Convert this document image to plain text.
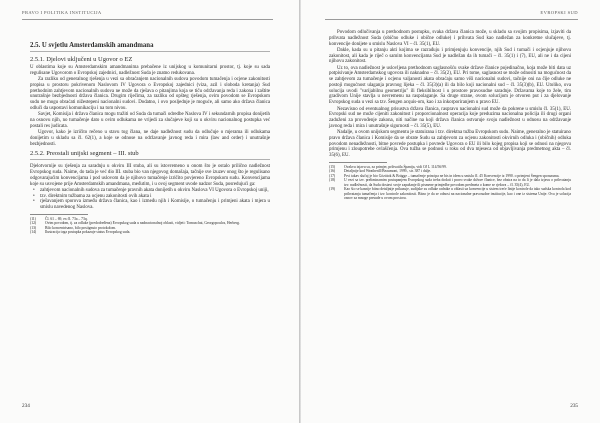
PRAVO I POLITIKA INSTITUCIJA
2.5. U svjetlu Amsterdamskih amandmana
2.5.1. Djelovi uključeni u Ugovor o EZ

U oblastima koje su Amsterdamskim amandmanima prebačene iz unijskog u komunitarni prostor, tj. koje su sada regulisane Ugovorom o Evropskoj zajednici, nadležnost Suda je znatno redukovana.

Za razliku od generalnog rješenja u vezi sa obraćanjem nacionalnih sudova povodom tumačenja i ocjene zakonitosti propisa u prostoru pokrivenom Naslovom IV Ugovora o Evropskoj zajednici (viza, azil i sloboda kretanja) Sud prethodnim zahtjevom nacionalnih sudova ne može da rješava o pitanjima koja se tiču održavanja reda i zakona i zaštite unutrašnje bezbjednosti država članica. Drugim riječima, za razliku od opšteg rješenja, ovim povodom se Evropskom sudu ne mogu obraćati nižestepeni nacionalni sudovi. Dodatno, i ovo posljednje je moguće, ali samo ako država članica odluči da uspostavi komunikaciju i na tom nivou.

Savjet, Komisija i država članica mogu tražiti od Suda da tumači odredbe Naslova IV i sekundarnih propisa donijetih na osnovu njih, no tumačenje dato u ovim odlukama ne vrijedi za slučajeve koji su u okviru nacionalnog postupka već postali res judicata.

Ugovor, kako je izričito rečeno u stavu tog člana, ne daje nadležnost sudu da odlučuje o mjerama ili odlukama donijetim u skladu sa čl. 62(1), a koje se odnose na održavanje javnog reda i mira (law and order) i unutrašnje bezbjednosti.

2.5.2. Preostali unijski segment – III. stub

Djelotvornije su rješenja za saradnju u okviru III stuba, ali su istovremeno u onom što je ostalo prilično nadležnost Evropskog suda. Naime, do tada je već dio III. stuba bio van njegovog domašaja, tačnije sve izuzev onog što je regulisano odgovarajućim konvencijama i pod uslovom da je njihovo tumačenje izričito povjereno Evropskom sudu. Konvencijama koje su usvojene prije Amsterdamskih amandmana, međutim, i u ovoj segment uvode nadzor Suda, posredujući ga:

• zahtjevom nacionalnih sudova za tumačenje pravnih akata donijetih u okviru Naslova VI Ugovora o Evropskoj uniji,
• tzv. direktnim tužbama za ocjenu zakonitosti ovih akata i
• rješavanjem sporova između država članica, kao i između njih i Komisije, o tumačenju i primjeni akata i mjera u smislu navedenog Naslova.
(11)	Čl. 61 – 69, ex čl. 73a – 73q.
(12)	Ovim povodom, tj. za odluke (predodređena) Evropskog suda u nadnacionalnoj oblasti, vidjeti: Tomuschat, Georgopoulos, Herberg.
(13)	Bilo koncentrisano, bilo postignuto protokolom.
(14)	Ilustracija toga postupka pokazuje status Evropskog suda.
234
EVROPSKI SUD

Povodom odlučivanja u prethodnom postupku, svaka država članica može, u skladu sa svojim propisima, izjaviti da prihvata nadležnost Suda (obično odluke i obične odluke) i prihvata Sud kao nadležan za konkretne slučajeve, tj. konvencije donijete u smislu Naslova VI – čl. 35(1), EU.

Dakle, kada su u pitanju akti kojima se razrađuju i primjenjuju konvencije, njih Sud i tumači i ocjenjuje njihovu zakonitost, ali kada je riječ o samim konvencijama Sud je nadležan da ih tumači – čl. 35(1) i (7), EU, ali ne i da cijeni njihovu zakonitost.

Uz to, ova nadležnost je uslovljena prethodnom saglasnošću svake države članice pojedinačno, koja može biti data uz potpisivanje Amsterdamskog ugovora ili naknadno – čl. 35(2), EU. Pri tome, saglasnost se može odnositi na mogućnost da se zahtjevom za tumačenje i ocjenu valjanosti akata obraćaju samo viši nacionalni sudovi, tačnije oni na čije odluke ne postoji mogućnost ulaganja pravnog lijeka – čl. 35(3)(a) ili da bilo koji nacionalni sud – čl. 35(3)(b), EU. Utoliko, ova solucija uvodi "varijabilnu geometriju" ili fleksibilnost i u prostore pravosudne saradnje. Državama koje to žele, tim gradivom Unije stavlja u nevremenu na raspolaganje. Sa druge strane, ovom solucijom je otvoren put i za djelovanje Evropskog suda u vezi sa tzv. Šengen acquis-om, kao i za inkorporiranjem u pravo EU.

Nezavisno od eventualnog prisustva država članica, raspravu nacionalni sud može da pokrene u smislu čl. 35(1), EU. Evropski sud ne može cijeniti zakonitost i proporcionalnost operacija koje preduzima nacionalna policija ili drugi organi zaduženi za provođenje zakona, niti načine na koji država članica ostvaruje svoju nadležnost u odnosu na održavanje javnog reda i mira i unutrašnje sigurnosti – čl. 35(5), EU.

Nadalje, u ovom unijskom segmentu je statuirana i tzv. direktna tužba Evropskom sudu. Naime, generalno je statuirano pravo država članica i Komisije da se obrate Sudu sa zahtjevom za ocjenu zakonitosti okvirnih odluka i (običnih) odluka povodom nenadležnosti, bitne povrede postupka i povrede Ugovora o EU ili bilo kojeg propisa koji se odnosi na njegovu primjenu i zloupotrebe ovlašćenja. Ova tužba se podnosi u roku od dva mjeseca od objavljivanja predmetnog akta – čl. 35(6), EU.

(15)	Ovakvu izjavu su, za primjer, prihvatila Španija, vidi OJ L 114/56/99.
(16)	Detaljnije kod Weatherill/Beaumont, 1999., str. 387 i dalje.
(17)	Prvi takav slučaj je bio Gözütok & Brügge – tumačenje principa ne bis in idem u smislu čl. 45 Konvencije iz 1990. o primjeni Šengen sporazuma.
(18)	U vezi sa tzv. preliminarnim postupanjem Evropskog suda treba dodati i pravo svake države članice, bez obzira na to da li je dala izjavu o prihvatanju tzv. nadležnosti, da Sudu dostavi svoje zapažanje ili pismene primjedbe povodom predmeta o kome se rješava – čl. 35(4), EU.
(19)	Kao što se kasnije bitno detaljnije prikazuje, sudijske su odluke radnike u oblasti uz konvencije u sistem treće linije kontrole da tako sudska kontrola kod prihvatanja tumačenja i tzv. kontrole zakonitosti. Bitno je da se odnosi na nacionalne pravosudne institucije, kao i one iz sistema Unije. Ova je solucija osnov za mnoge presude u ovom prostoru.
235
